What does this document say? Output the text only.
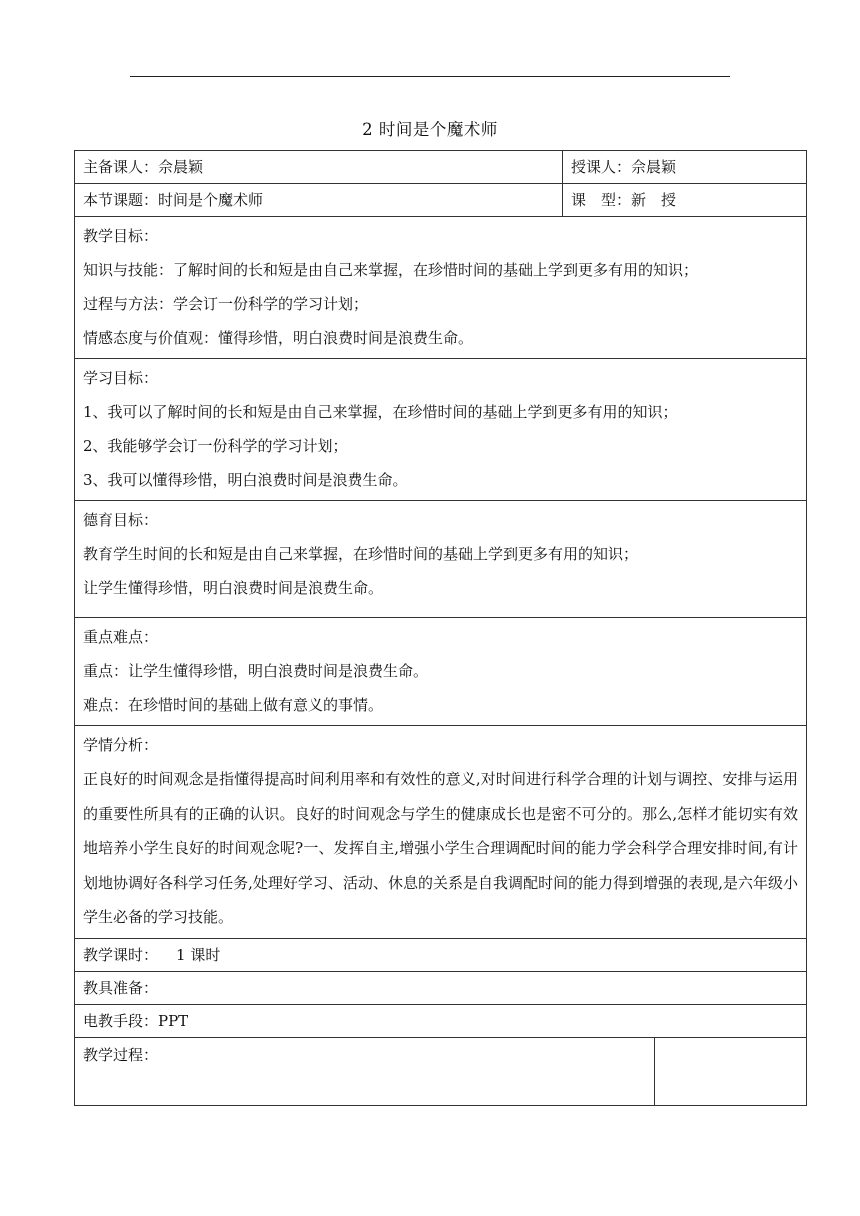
2 时间是个魔术师
主备课人：佘晨颖	授课人：佘晨颖	
本节课题：时间是个魔术师	课　型：新　授	

教学目标：
知识与技能：了解时间的长和短是由自己来掌握，在珍惜时间的基础上学到更多有用的知识；
过程与方法：学会订一份科学的学习计划；
情感态度与价值观：懂得珍惜，明白浪费时间是浪费生命。		

学习目标：
1、我可以了解时间的长和短是由自己来掌握，在珍惜时间的基础上学到更多有用的知识；
2、我能够学会订一份科学的学习计划；
3、我可以懂得珍惜，明白浪费时间是浪费生命。		

德育目标：
教育学生时间的长和短是由自己来掌握，在珍惜时间的基础上学到更多有用的知识；
让学生懂得珍惜，明白浪费时间是浪费生命。		

重点难点：
重点：让学生懂得珍惜，明白浪费时间是浪费生命。
难点：在珍惜时间的基础上做有意义的事情。		

学情分析：
正良好的时间观念是指懂得提高时间利用率和有效性的意义,对时间进行科学合理的计划与调控、安排与运用的重要性所具有的正确的认识。良好的时间观念与学生的健康成长也是密不可分的。那么,怎样才能切实有效地培养小学生良好的时间观念呢?一、发挥自主,增强小学生合理调配时间的能力学会科学合理安排时间,有计划地协调好各科学习任务,处理好学习、活动、休息的关系是自我调配时间的能力得到增强的表现,是六年级小学生必备的学习技能。		

教学课时： 1 课时		
教具准备：		
电教手段：PPT		
教学过程：		
